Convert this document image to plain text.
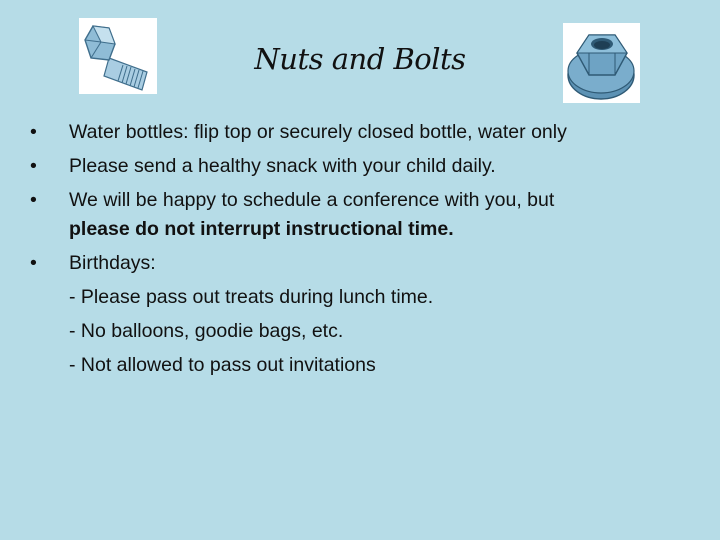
Nuts and Bolts
•	Water bottles: flip top or securely closed bottle, water only
•	Please send a healthy snack with your child daily.
•	We will be happy to schedule a conference with you, but
please do not interrupt instructional time.
•	Birthdays:
- Please pass out treats during lunch time.
- No balloons, goodie bags, etc.
- Not allowed to pass out invitations
